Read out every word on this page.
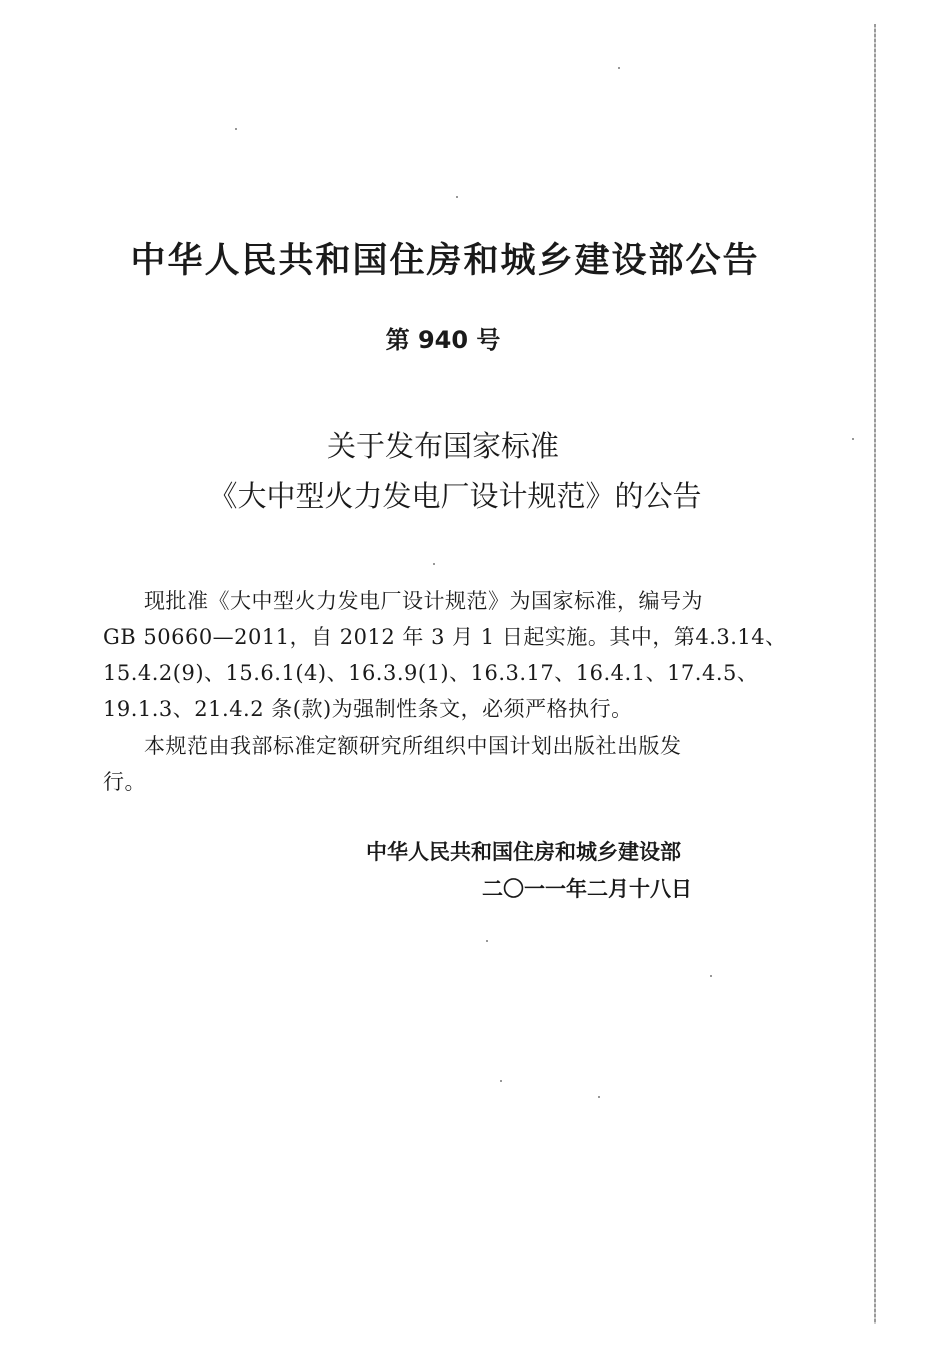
中华人民共和国住房和城乡建设部公告
第 940 号
关于发布国家标准
《大中型火力发电厂设计规范》的公告
现批准《大中型火力发电厂设计规范》为国家标准，编号为
GB 50660—2011，自 2012 年 3 月 1 日起实施。其中，第4.3.14、
15.4.2(9)、15.6.1(4)、16.3.9(1)、16.3.17、16.4.1、17.4.5、
19.1.3、21.4.2 条(款)为强制性条文，必须严格执行。
本规范由我部标准定额研究所组织中国计划出版社出版发
行。
中华人民共和国住房和城乡建设部
二〇一一年二月十八日
